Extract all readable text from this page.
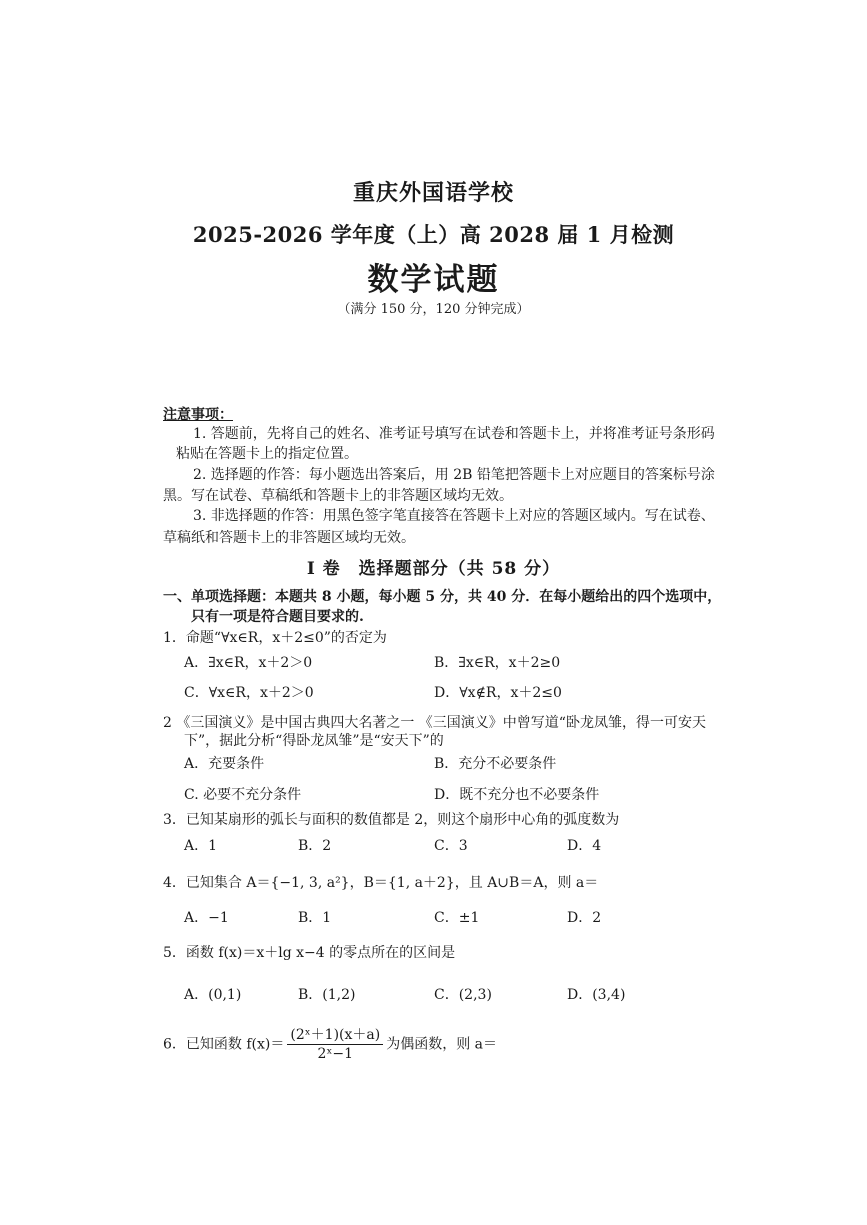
重庆外国语学校
2025-2026 学年度（上）高 2028 届 1 月检测
数学试题
（满分 150 分，120 分钟完成）
注意事项：
1. 答题前，先将自己的姓名、准考证号填写在试卷和答题卡上，并将准考证号条形码
粘贴在答题卡上的指定位置。
2. 选择题的作答：每小题选出答案后，用 2B 铅笔把答题卡上对应题目的答案标号涂
黑。写在试卷、草稿纸和答题卡上的非答题区域均无效。
3. 非选择题的作答：用黑色签字笔直接答在答题卡上对应的答题区域内。写在试卷、
草稿纸和答题卡上的非答题区域均无效。
Ⅰ 卷　选择题部分（共 58 分）
一、单项选择题：本题共 8 小题，每小题 5 分，共 40 分．在每小题给出的四个选项中，
只有一项是符合题目要求的.
1．命题“∀x∈R，x＋2≤0”的否定为
A．∃x∈R，x＋2＞0	B．∃x∈R，x＋2≥0
C．∀x∈R，x＋2＞0	D．∀x∉R，x＋2≤0
2 《三国演义》是中国古典四大名著之一 《三国演义》中曾写道“卧龙凤雏，得一可安天
下”，据此分析“得卧龙凤雏”是“安天下”的
A．充要条件	B．充分不必要条件
C. 必要不充分条件	D．既不充分也不必要条件
3．已知某扇形的弧长与面积的数值都是 2，则这个扇形中心角的弧度数为
A．1	B．2	C．3	D．4
4．已知集合 A＝{−1, 3, a²}，B＝{1, a＋2}，且 A∪B＝A，则 a＝
A．−1	B．1	C．±1	D．2
5．函数 f(x)＝x＋lg x−4 的零点所在的区间是
A．(0,1)	B．(1,2)	C．(2,3)	D．(3,4)
6．已知函数 $f(x)= \frac{\text{(2ˣ＋1)(x＋a)}}{\text{2ˣ−1}}$ 为偶函数，则 a＝
